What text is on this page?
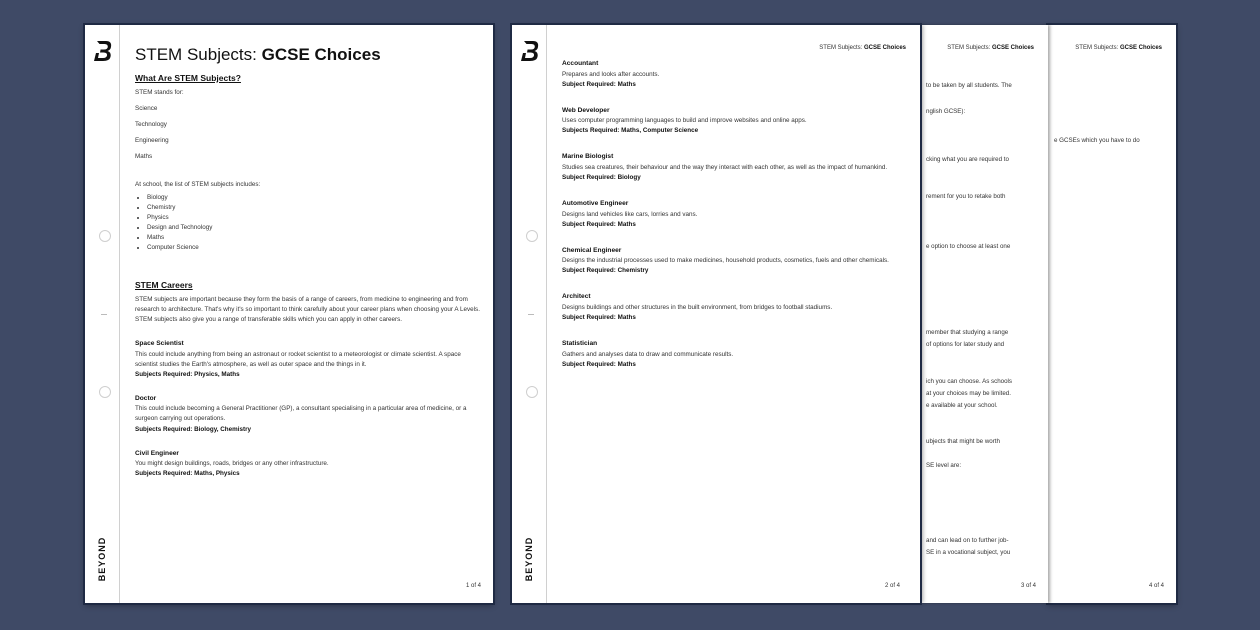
BEYOND
STEM Subjects: GCSE Choices
What Are STEM Subjects?

STEM stands for:

Science

Technology

Engineering

Maths

At school, the list of STEM subjects includes:

• Biology
• Chemistry
• Physics
• Design and Technology
• Maths
• Computer Science
STEM Careers

STEM subjects are important because they form the basis of a range of careers, from medicine to engineering and from research to architecture. That's why it's so important to think carefully about your career plans when choosing your A Levels. STEM subjects also give you a range of transferable skills which you can apply in other careers.

Space Scientist

This could include anything from being an astronaut or rocket scientist to a meteorologist or climate scientist. A space scientist studies the Earth's atmosphere, as well as outer space and the things in it.

Subjects Required: Physics, Maths

Doctor

This could include becoming a General Practitioner (GP), a consultant specialising in a particular area of medicine, or a surgeon carrying out operations.

Subjects Required: Biology, Chemistry

Civil Engineer

You might design buildings, roads, bridges or any other infrastructure.

Subjects Required: Maths, Physics

1 of 4
STEM Subjects: GCSE Choices
e GCSEs which you have to do
4 of 4
STEM Subjects: GCSE Choices
to be taken by all students. The
nglish GCSE):
cking what you are required to
rement for you to retake both
e option to choose at least one
member that studying a range
of options for later study and
ich you can choose. As schools
at your choices may be limited.
e available at your school.
ubjects that might be worth
SE level are:
and can lead on to further job-
SE in a vocational subject, you
3 of 4
BEYOND
STEM Subjects: GCSE Choices
Accountant

Prepares and looks after accounts.

Subject Required: Maths

Web Developer

Uses computer programming languages to build and improve websites and online apps.

Subjects Required: Maths, Computer Science

Marine Biologist

Studies sea creatures, their behaviour and the way they interact with each other, as well as the impact of humankind.

Subject Required: Biology

Automotive Engineer

Designs land vehicles like cars, lorries and vans.

Subject Required: Maths

Chemical Engineer

Designs the industrial processes used to make medicines, household products, cosmetics, fuels and other chemicals.

Subject Required: Chemistry

Architect

Designs buildings and other structures in the built environment, from bridges to football stadiums.

Subject Required: Maths

Statistician

Gathers and analyses data to draw and communicate results.

Subject Required: Maths

2 of 4
